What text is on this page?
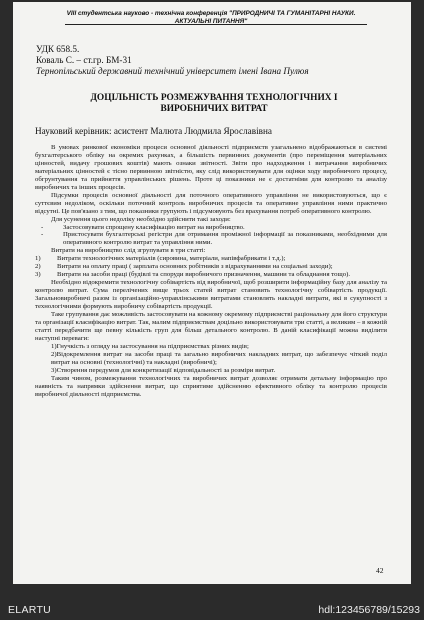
VIII студентська науково - технічна конференція "ПРИРОДНИЧІ ТА ГУМАНІТАРНІ НАУКИ.
АКТУАЛЬНІ ПИТАННЯ"
УДК 658.5.
Коваль С. – ст.гр. БМ-31
Тернопільський державний технічний університет імені Івана Пулюя
ДОЦІЛЬНІСТЬ РОЗМЕЖУВАННЯ ТЕХНОЛОГІЧНИХ І
ВИРОБНИЧИХ ВИТРАТ
Науковий керівник: асистент Малюта Людмила Ярославівна

В умовах ринкової економіки процеси основної діяльності підприємств узагальнено відображаються в системі бухгалтерського обліку на окремих рахунках, а більшість первинних документів (про переміщення матеріальних цінностей, видачу грошових коштів) мають ознаки звітності. Звіти про надходження і витрачання виробничих матеріальних цінностей є тісно первинною звітністю, яку слід використовувати для оцінки ходу виробничого процесу, обгрунтування та прийняття управлінських рішень. Проте ці показники не є достатніми для контролю та аналізу виробничих та інших процесів.

Підсумки процесів основної діяльності для поточного оперативного управління не використовуються, що є суттєвим недоліком, оскільки поточний контроль виробничих процесів та оперативне управління ними практично відсутні. Це пов'язано з тим, що показники групують і підсумовують без врахування потреб оперативного контролю.

Для усунення цього недоліку необхідно здійснити такі заходи:

-	Застосовувати спрощену класифікацію витрат на виробництво.
-	Пристосувати бухгалтерські регістри для отримання проміжної інформації за показниками, необхідними для оперативного контролю витрат та управління ними.

Витрати на виробництво слід згрупувати в три статті:

1)	Витрати технологічних матеріалів (сировина, матеріали, напівфабрикати і т.д.);
2)	Витрати на оплату праці ( зарплата основних робітників з відрахуваннями на соціальні заходи);
3)	Витрати на засоби праці (будівлі та споруди виробничого призначення, машини та обладнання тощо).

Необхідно відокремити технологічну собівартість від виробничої, щоб розширити інформаційну базу для аналізу та контролю витрат. Сума перелічених вище трьох статей витрат становить технологічну собівартість продукції. Загальновиробничі разом із організаційно-управлінськими витратами становлять накладні витрати, які в сукупності з технологічними формують виробничу собівартість продукції.

Таке групування дає можливість застосовувати на кожному окремому підприємстві раціональну для його структури та організації класифікацію витрат. Так, малим підприємствам доцільно використовувати три статті, а великим – в кожній статті передбачити ще певну кількість груп для більш детального контролю. В даній класифікації можна виділити наступні переваги:

1)Гнучкість з огляду на застосування на підприємствах різних видів;
2)Відокремлення витрат на засоби праці та загально виробничих накладних витрат, що забезпечує чіткий поділ витрат на основні (технологічні) та накладні (виробничі);
3)Створення передумов для конкретизації відповідальності за розміри витрат.

Таким чином, розмежування технологічних та виробничих витрат дозволяє отримати детальну інформацію про наявність та напрямки здійснення витрат, що сприятиме здійсненню ефективного обліку та контролю процесів виробничої діяльності підприємства.

42
ELARTU	hdl:123456789/15293
